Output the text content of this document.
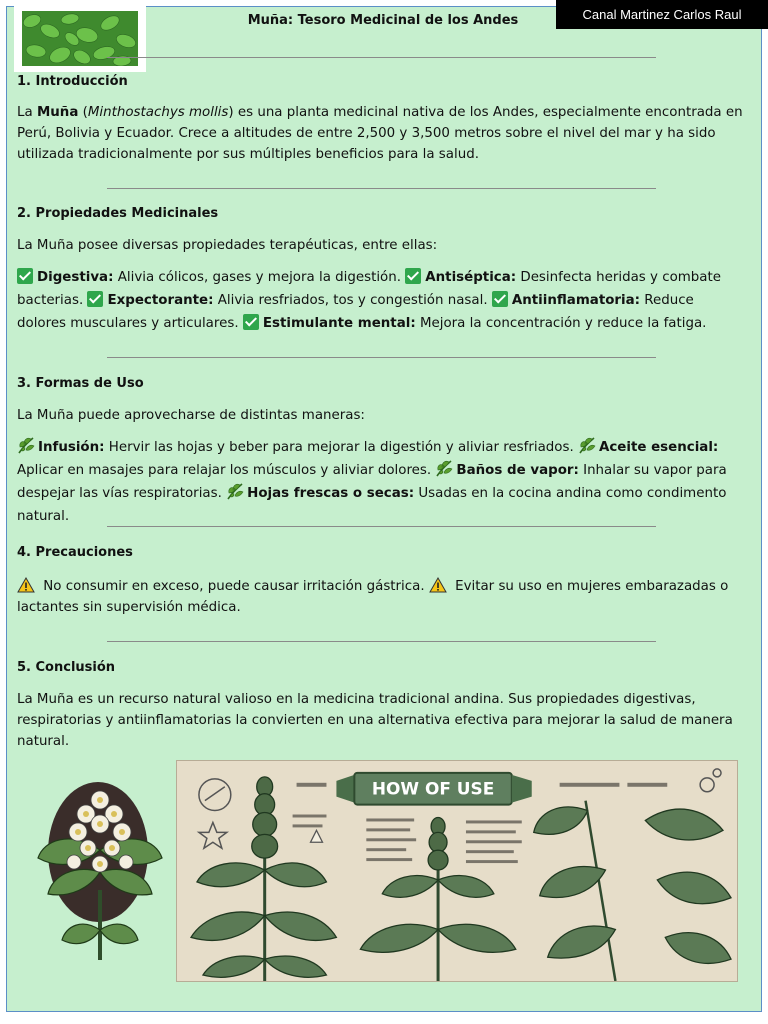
Canal Martinez Carlos Raul
Muña: Tesoro Medicinal de los Andes
1. Introducción
La Muña (Minthostachys mollis) es una planta medicinal nativa de los Andes, especialmente encontrada en Perú, Bolivia y Ecuador. Crece a altitudes de entre 2,500 y 3,500 metros sobre el nivel del mar y ha sido utilizada tradicionalmente por sus múltiples beneficios para la salud.
2. Propiedades Medicinales
La Muña posee diversas propiedades terapéuticas, entre ellas:
Digestiva: Alivia cólicos, gases y mejora la digestión. Antiséptica: Desinfecta heridas y combate bacterias. Expectorante: Alivia resfriados, tos y congestión nasal. Antiinflamatoria: Reduce dolores musculares y articulares. Estimulante mental: Mejora la concentración y reduce la fatiga.
3. Formas de Uso
La Muña puede aprovecharse de distintas maneras:
Infusión: Hervir las hojas y beber para mejorar la digestión y aliviar resfriados. Aceite esencial: Aplicar en masajes para relajar los músculos y aliviar dolores. Baños de vapor: Inhalar su vapor para despejar las vías respiratorias. Hojas frescas o secas: Usadas en la cocina andina como condimento natural.
4. Precauciones
No consumir en exceso, puede causar irritación gástrica.  Evitar su uso en mujeres embarazadas o lactantes sin supervisión médica.
5. Conclusión
La Muña es un recurso natural valioso en la medicina tradicional andina. Sus propiedades digestivas, respiratorias y antiinflamatorias la convierten en una alternativa efectiva para mejorar la salud de manera natural.
HOW OF USE
